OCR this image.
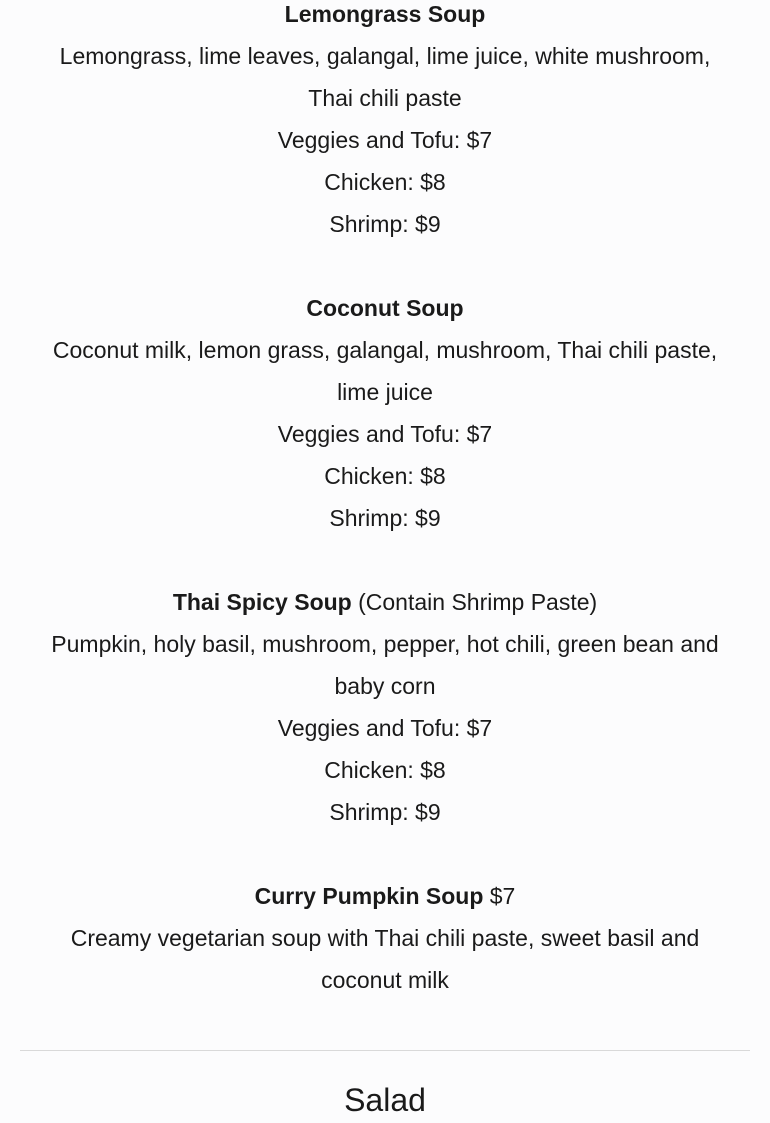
Lemongrass Soup
Lemongrass, lime leaves, galangal, lime juice, white mushroom,
Thai chili paste
Veggies and Tofu: $7
Chicken: $8
Shrimp: $9
Coconut Soup
Coconut milk, lemon grass, galangal, mushroom, Thai chili paste,
lime juice
Veggies and Tofu: $7
Chicken: $8
Shrimp: $9
Thai Spicy Soup (Contain Shrimp Paste)
Pumpkin, holy basil, mushroom, pepper, hot chili, green bean and
baby corn
Veggies and Tofu: $7
Chicken: $8
Shrimp: $9
Curry Pumpkin Soup $7
Creamy vegetarian soup with Thai chili paste, sweet basil and
coconut milk
Salad
